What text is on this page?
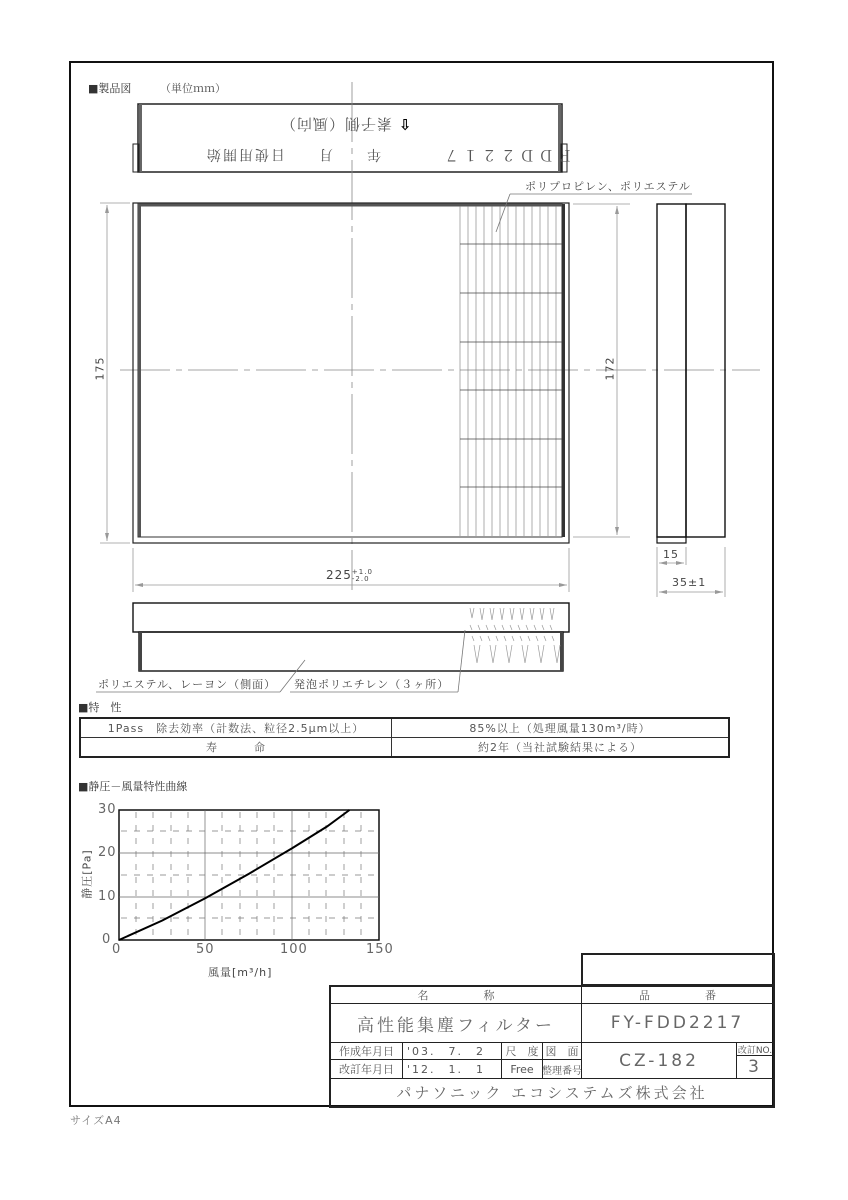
■製品図	（単位ｍｍ）
⇧ 素子側（風向）
ＦＤＤ２２１７
年　　月　　日使用開始
ポリプロピレン、ポリエステル
ポリエステル、レーヨン（側面） 発泡ポリエチレン（３ヶ所）
175	172
225+1.0
-2.0
15
35±1
■特　性
1Pass　除去効率（計数法、粒径2.5μm以上）	85%以上（処理風量130m³/時）
寿　　　命	約2年（当社試験結果による）
■静圧－風量特性曲線
30
20
10
0
0	50	100	150
風量[m³/h]
静圧[Pa]
名　　　　　称	品　　　　　番
高性能集塵フィルター	FY-FDD2217
作成年月日	'03.　7.　2	尺　度 図　面
改訂年月日	'12.　1.　1	Free 整理番号
CZ-182	改訂NO.
3
パナソニック エコシステムズ株式会社
サイズA4
